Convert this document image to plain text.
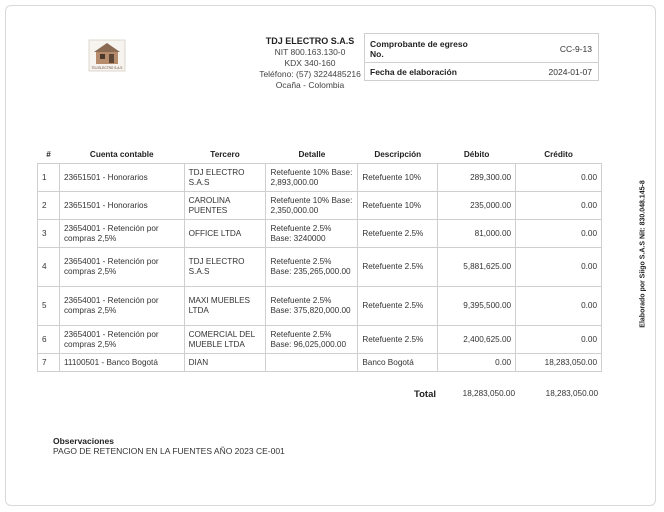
TDJ ELECTRO S.A.S
TDJ ELECTRO S.A.S
NIT 800.163.130-0
KDX 340-160
Teléfono: (57) 3224485216
Ocaña - Colombia
Comprobante de egreso No.	CC-9-13
Fecha de elaboración	2024-01-07
Elaborado por Siigo S.A.S Nit: 830.048.145-8
#	Cuenta contable	Tercero	Detalle	Descripción	Débito	Crédito
1	23651501 - Honorarios	TDJ ELECTRO S.A.S	Retefuente 10% Base: 2,893,000.00	Retefuente 10%	289,300.00	0.00
2	23651501 - Honorarios	CAROLINA PUENTES	Retefuente 10% Base: 2,350,000.00	Retefuente 10%	235,000.00	0.00
3	23654001 - Retención por compras 2,5%	OFFICE LTDA	Retefuente 2.5% Base: 3240000	Retefuente 2.5%	81,000.00	0.00
4	23654001 - Retención por compras 2,5%	TDJ ELECTRO S.A.S	Retefuente 2.5% Base: 235,265,000.00	Retefuente 2.5%	5,881,625.00	0.00
5	23654001 - Retención por compras 2,5%	MAXI MUEBLES LTDA	Retefuente 2.5% Base: 375,820,000.00	Retefuente 2.5%	9,395,500.00	0.00
6	23654001 - Retención por compras 2,5%	COMERCIAL DEL MUEBLE LTDA	Retefuente 2.5% Base: 96,025,000.00	Retefuente 2.5%	2,400,625.00	0.00
7	11100501 - Banco Bogotá	DIAN		Banco Bogotá	0.00	18,283,050.00
Total	18,283,050.00	18,283,050.00
Observaciones
PAGO DE RETENCION EN LA FUENTES AÑO 2023 CE-001
